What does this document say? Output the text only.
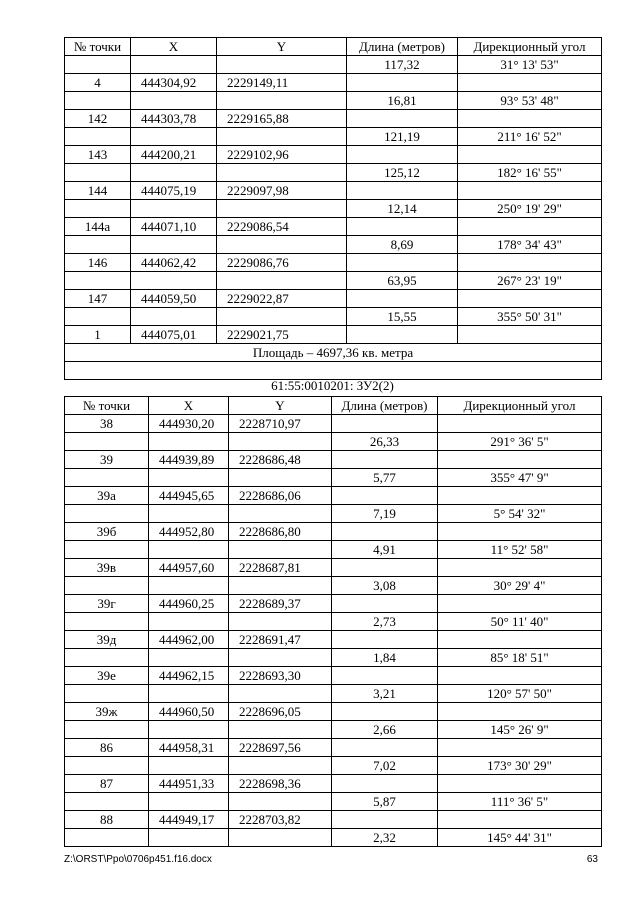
№ точки	X	Y	Длина (метров)	Дирекционный угол
			117,32	31° 13' 53"
4	444304,92	2229149,11		
			16,81	93° 53' 48"
142	444303,78	2229165,88		
			121,19	211° 16' 52"
143	444200,21	2229102,96		
			125,12	182° 16' 55"
144	444075,19	2229097,98		
			12,14	250° 19' 29"
144а	444071,10	2229086,54		
			8,69	178° 34' 43"
146	444062,42	2229086,76		
			63,95	267° 23' 19"
147	444059,50	2229022,87		
			15,55	355° 50' 31"
1	444075,01	2229021,75		
Площадь – 4697,36 кв. метра				

61:55:0010201: ЗУ2(2)
№ точки	X	Y	Длина (метров)	Дирекционный угол
38	444930,20	2228710,97		
			26,33	291° 36' 5"
39	444939,89	2228686,48		
			5,77	355° 47' 9"
39а	444945,65	2228686,06		
			7,19	5° 54' 32"
39б	444952,80	2228686,80		
			4,91	11° 52' 58"
39в	444957,60	2228687,81		
			3,08	30° 29' 4"
39г	444960,25	2228689,37		
			2,73	50° 11' 40"
39д	444962,00	2228691,47		
			1,84	85° 18' 51"
39е	444962,15	2228693,30		
			3,21	120° 57' 50"
39ж	444960,50	2228696,05		
			2,66	145° 26' 9"
86	444958,31	2228697,56		
			7,02	173° 30' 29"
87	444951,33	2228698,36		
			5,87	111° 36' 5"
88	444949,17	2228703,82		
			2,32	145° 44' 31"
Z:\ORST\Ppo\0706p451.f16.docx	63
